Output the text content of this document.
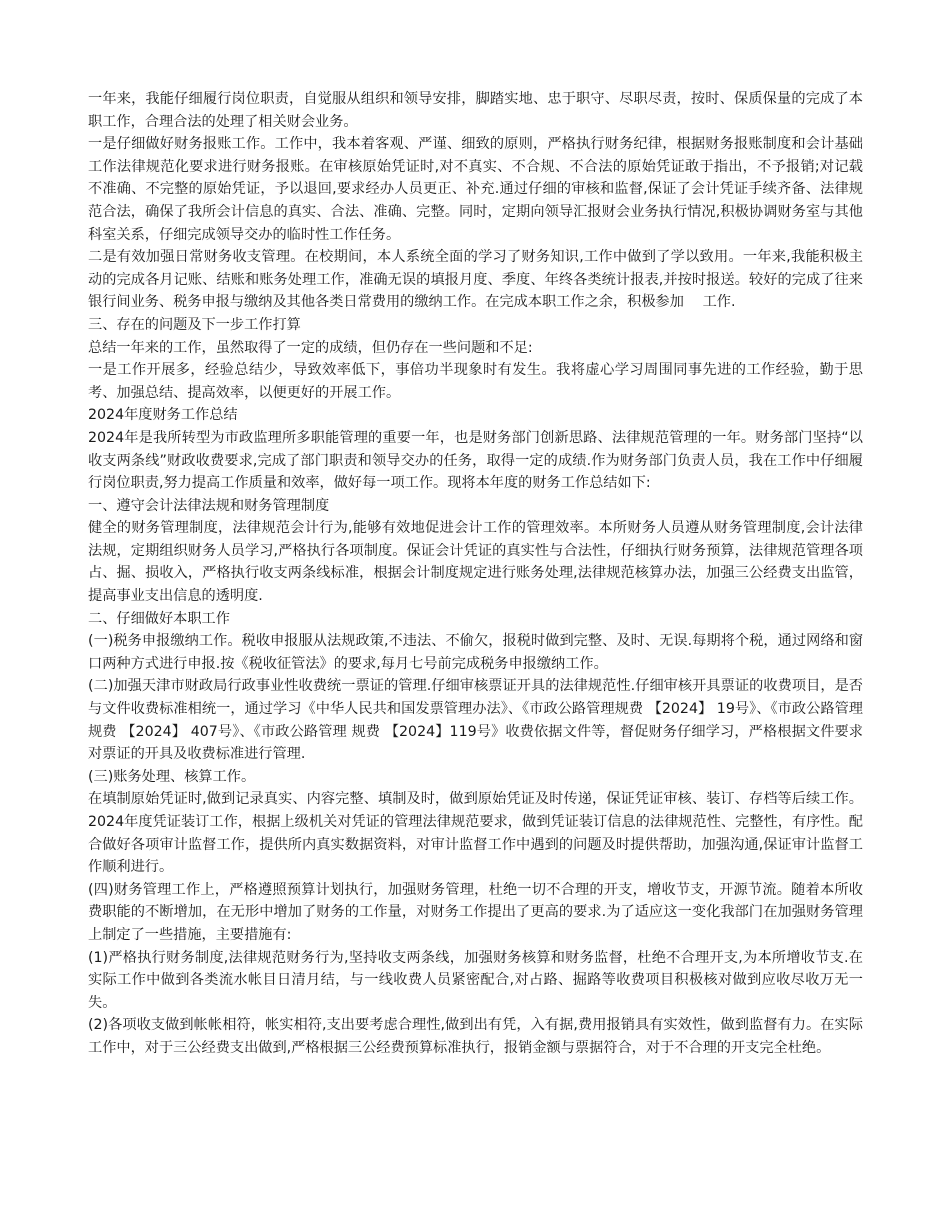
一年来，我能仔细履行岗位职责，自觉服从组织和领导安排，脚踏实地、忠于职守、尽职尽责，按时、保质保量的完成了本职工作，合理合法的处理了相关财会业务。

一是仔细做好财务报账工作。工作中，我本着客观、严谨、细致的原则，严格执行财务纪律，根据财务报账制度和会计基础工作法律规范化要求进行财务报账。在审核原始凭证时,对不真实、不合规、不合法的原始凭证敢于指出，不予报销;对记载不准确、不完整的原始凭证，予以退回,要求经办人员更正、补充.通过仔细的审核和监督,保证了会计凭证手续齐备、法律规范合法，确保了我所会计信息的真实、合法、准确、完整。同时，定期向领导汇报财会业务执行情况,积极协调财务室与其他科室关系，仔细完成领导交办的临时性工作任务。

二是有效加强日常财务收支管理。在校期间，本人系统全面的学习了财务知识,工作中做到了学以致用。一年来,我能积极主动的完成各月记账、结账和账务处理工作，准确无误的填报月度、季度、年终各类统计报表,并按时报送。较好的完成了往来银行间业务、税务申报与缴纳及其他各类日常费用的缴纳工作。在完成本职工作之余，积极参加　 工作.

三、存在的问题及下一步工作打算

总结一年来的工作，虽然取得了一定的成绩，但仍存在一些问题和不足:

一是工作开展多，经验总结少，导致效率低下，事倍功半现象时有发生。我将虚心学习周围同事先进的工作经验，勤于思考、加强总结、提高效率，以便更好的开展工作。

2024年度财务工作总结

2024年是我所转型为市政监理所多职能管理的重要一年，也是财务部门创新思路、法律规范管理的一年。财务部门坚持“以收支两条线”财政收费要求,完成了部门职责和领导交办的任务，取得一定的成绩.作为财务部门负责人员，我在工作中仔细履行岗位职责,努力提高工作质量和效率，做好每一项工作。现将本年度的财务工作总结如下:

一、遵守会计法律法规和财务管理制度

健全的财务管理制度，法律规范会计行为,能够有效地促进会计工作的管理效率。本所财务人员遵从财务管理制度,会计法律法规，定期组织财务人员学习,严格执行各项制度。保证会计凭证的真实性与合法性，仔细执行财务预算，法律规范管理各项占、掘、损收入，严格执行收支两条线标准，根据会计制度规定进行账务处理,法律规范核算办法，加强三公经费支出监管，提高事业支出信息的透明度.

二、仔细做好本职工作

(一)税务申报缴纳工作。税收申报服从法规政策,不违法、不偷欠，报税时做到完整、及时、无误.每期将个税，通过网络和窗口两种方式进行申报.按《税收征管法》的要求,每月七号前完成税务申报缴纳工作。

(二)加强天津市财政局行政事业性收费统一票证的管理.仔细审核票证开具的法律规范性.仔细审核开具票证的收费项目，是否与文件收费标准相统一，通过学习《中华人民共和国发票管理办法》、《市政公路管理规费 【2024】 19号》、《市政公路管理 规费 【2024】 407号》、《市政公路管理 规费 【2024】119号》收费依据文件等，督促财务仔细学习，严格根据文件要求对票证的开具及收费标准进行管理.

(三)账务处理、核算工作。

在填制原始凭证时,做到记录真实、内容完整、填制及时，做到原始凭证及时传递，保证凭证审核、装订、存档等后续工作。 2024年度凭证装订工作，根据上级机关对凭证的管理法律规范要求，做到凭证装订信息的法律规范性、完整性，有序性。配合做好各项审计监督工作，提供所内真实数据资料，对审计监督工作中遇到的问题及时提供帮助，加强沟通,保证审计监督工作顺利进行。

(四)财务管理工作上，严格遵照预算计划执行，加强财务管理，杜绝一切不合理的开支，增收节支，开源节流。随着本所收费职能的不断增加，在无形中增加了财务的工作量，对财务工作提出了更高的要求.为了适应这一变化我部门在加强财务管理上制定了一些措施，主要措施有:

(1)严格执行财务制度,法律规范财务行为,坚持收支两条线，加强财务核算和财务监督，杜绝不合理开支,为本所增收节支.在实际工作中做到各类流水帐目日清月结，与一线收费人员紧密配合,对占路、掘路等收费项目积极核对做到应收尽收万无一失。

(2)各项收支做到帐帐相符，帐实相符,支出要考虑合理性,做到出有凭，入有据,费用报销具有实效性，做到监督有力。在实际工作中，对于三公经费支出做到,严格根据三公经费预算标准执行，报销金额与票据符合，对于不合理的开支完全杜绝。
